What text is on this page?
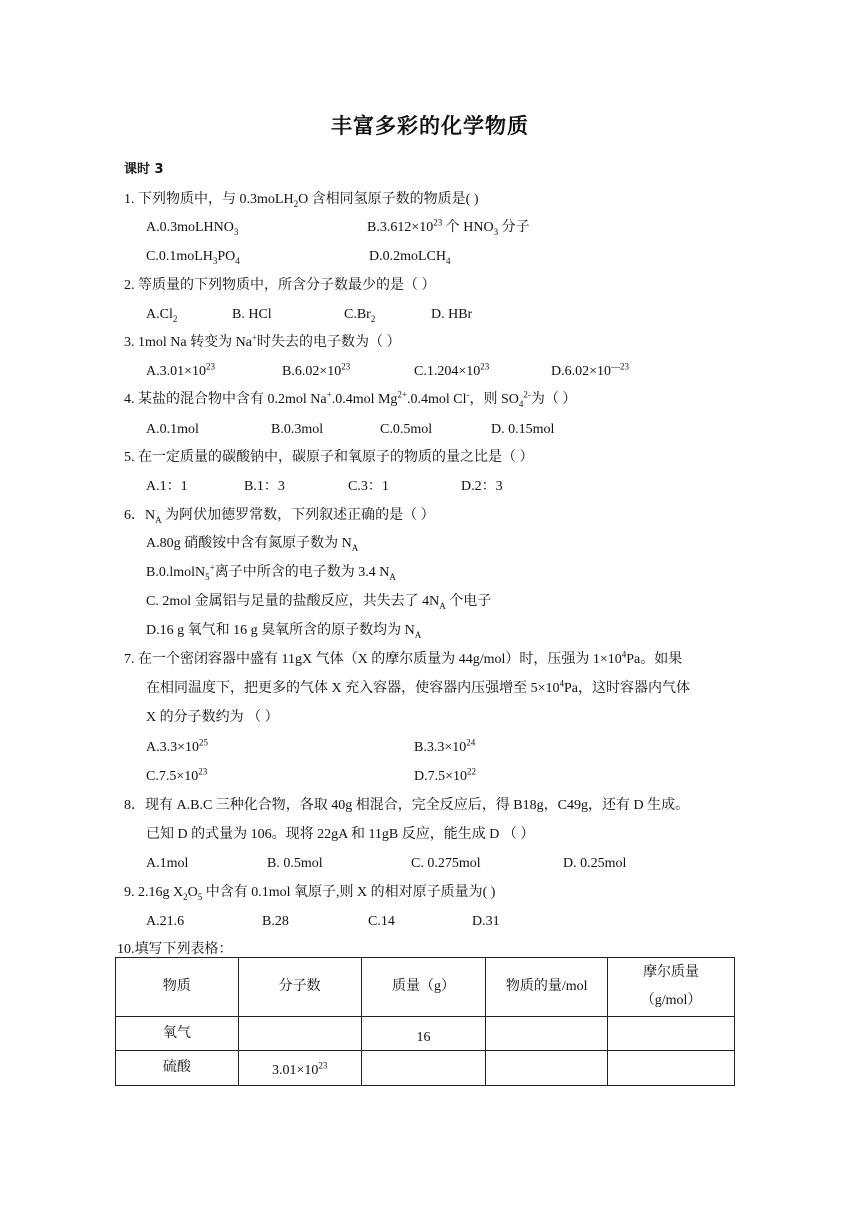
丰富多彩的化学物质
课时 3
1. 下列物质中，与 0.3moLH$_2$O 含相同氢原子数的物质是( )
A.0.3moLHNO$_3$	$B.3.612\times 10^{23}$ 个 $HNO_3$ 分子
$C.0.1moLH_3PO_4$	D.0.2moLCH$_4$
2. 等质量的下列物质中，所含分子数最少的是（ ）
$A.Cl_2$	B. HCl	$C.Br_2$	D. HBr
3. 1mol Na 转变为 Na+时失去的电子数为（ ）
$A.3.01\times 10^{23}$	$B.6.02\times 10^{23}$	$C.1.204\times 10^{23}$	$D.6.02\times 10^{—23}$
4. 某盐的混合物中含有 0.2mol Na+.0.4mol $Mg^{2+}.0.4mol$ Cl-，则 $SO_4^{2-}$为（ ）
A.0.1mol	B.0.3mol	C.0.5mol	D. 0.15mol
5. 在一定质量的碳酸钠中，碳原子和氧原子的物质的量之比是（ ）
A.1：1	B.1：3	C.3：1	D.2：3
6．$N_A$ 为阿伏加德罗常数，下列叙述正确的是（ ）
A.80g 硝酸铵中含有氮原子数为 $N_A$
B.0.lmolN$_5$+离子中所含的电子数为 3.4 $N_A$
C. 2mol 金属铝与足量的盐酸反应，共失去了 $4N_A$ 个电子
D.16 g 氧气和 16 g 臭氧所含的原子数均为 $N_A$
7. 在一个密闭容器中盛有 11gX 气体（X 的摩尔质量为 44g/mol）时，压强为 $1\times 10^4Pa$。如果
在相同温度下，把更多的气体 X 充入容器，使容器内压强增至 $5\times 10^4Pa$，这时容器内气体
X 的分子数约为 （ ）
$A.3.3\times 10^{25}$	$B.3.3\times 10^{24}$
$C.7.5\times 10^{23}$	$D.7.5\times 10^{22}$
8．现有 A.B.C 三种化合物，各取 40g 相混合，完全反应后，得 B18g，C49g，还有 D 生成。
已知 D 的式量为 106。现将 22gA 和 11gB 反应，能生成 D （ ）
A.1mol	B. 0.5mol	C. 0.275mol	D. 0.25mol
9. 2.16g $X_2O_5$ 中含有 0.1mol 氧原子,则 X 的相对原子质量为( )
A.21.6	B.28	C.14	D.31
10.填写下列表格：
物质	分子数	质量（g）	物质的量/mol	摩尔质量
（g/mol）

氧气		16		
硫酸	$3.01\times 10^{23}$			
